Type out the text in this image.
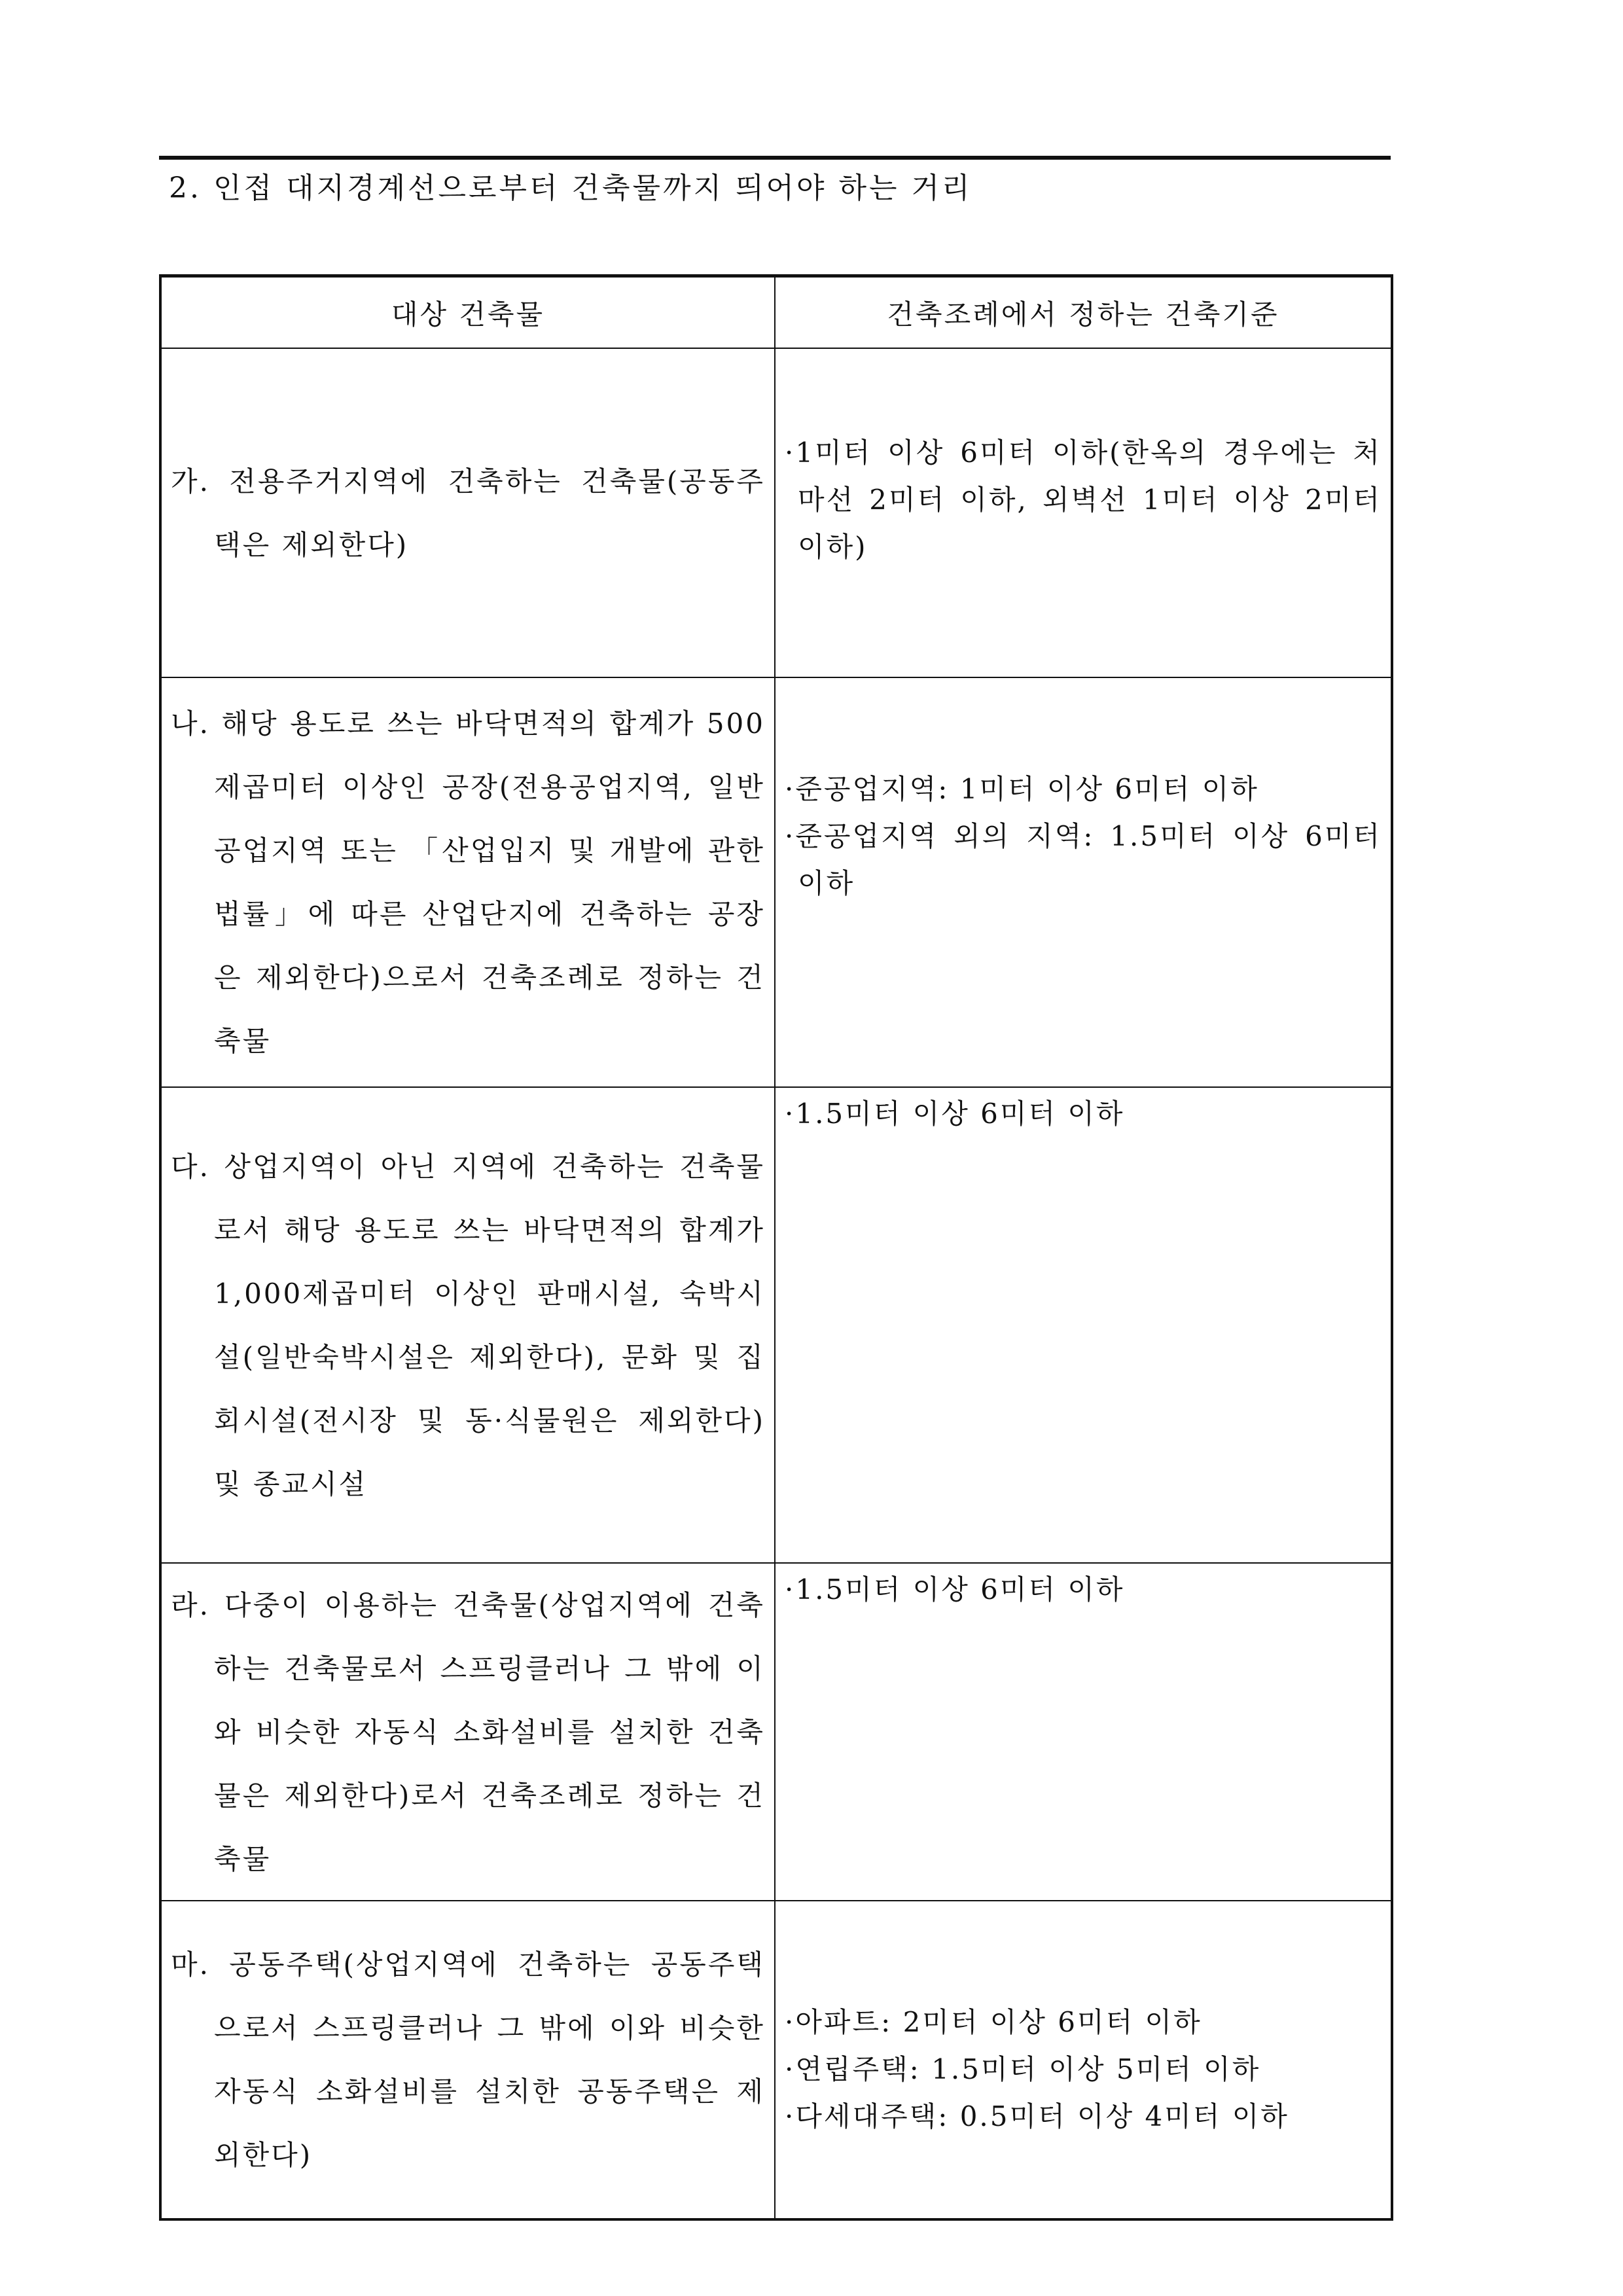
2. 인접 대지경계선으로부터 건축물까지 띄어야 하는 거리
대상 건축물	건축조례에서 정하는 건축기준

가. 전용주거지역에 건축하는 건축물(공동주택은 제외한다)	·1미터 이상 6미터 이하(한옥의 경우에는 처마선 2미터 이하, 외벽선 1미터 이상 2미터 이하)

나. 해당 용도로 쓰는 바닥면적의 합계가 500제곱미터 이상인 공장(전용공업지역, 일반공업지역 또는 「산업입지 및 개발에 관한 법률」에 따른 산업단지에 건축하는 공장은 제외한다)으로서 건축조례로 정하는 건축물	·준공업지역: 1미터 이상 6미터 이하
·준공업지역 외의 지역: 1.5미터 이상 6미터 이하

다. 상업지역이 아닌 지역에 건축하는 건축물로서 해당 용도로 쓰는 바닥면적의 합계가 1,000제곱미터 이상인 판매시설, 숙박시설(일반숙박시설은 제외한다), 문화 및 집회시설(전시장 및 동·식물원은 제외한다) 및 종교시설	·1.5미터 이상 6미터 이하

라. 다중이 이용하는 건축물(상업지역에 건축하는 건축물로서 스프링클러나 그 밖에 이와 비슷한 자동식 소화설비를 설치한 건축물은 제외한다)로서 건축조례로 정하는 건축물	·1.5미터 이상 6미터 이하

마. 공동주택(상업지역에 건축하는 공동주택으로서 스프링클러나 그 밖에 이와 비슷한 자동식 소화설비를 설치한 공동주택은 제외한다)	·아파트: 2미터 이상 6미터 이하
·연립주택: 1.5미터 이상 5미터 이하
·다세대주택: 0.5미터 이상 4미터 이하
